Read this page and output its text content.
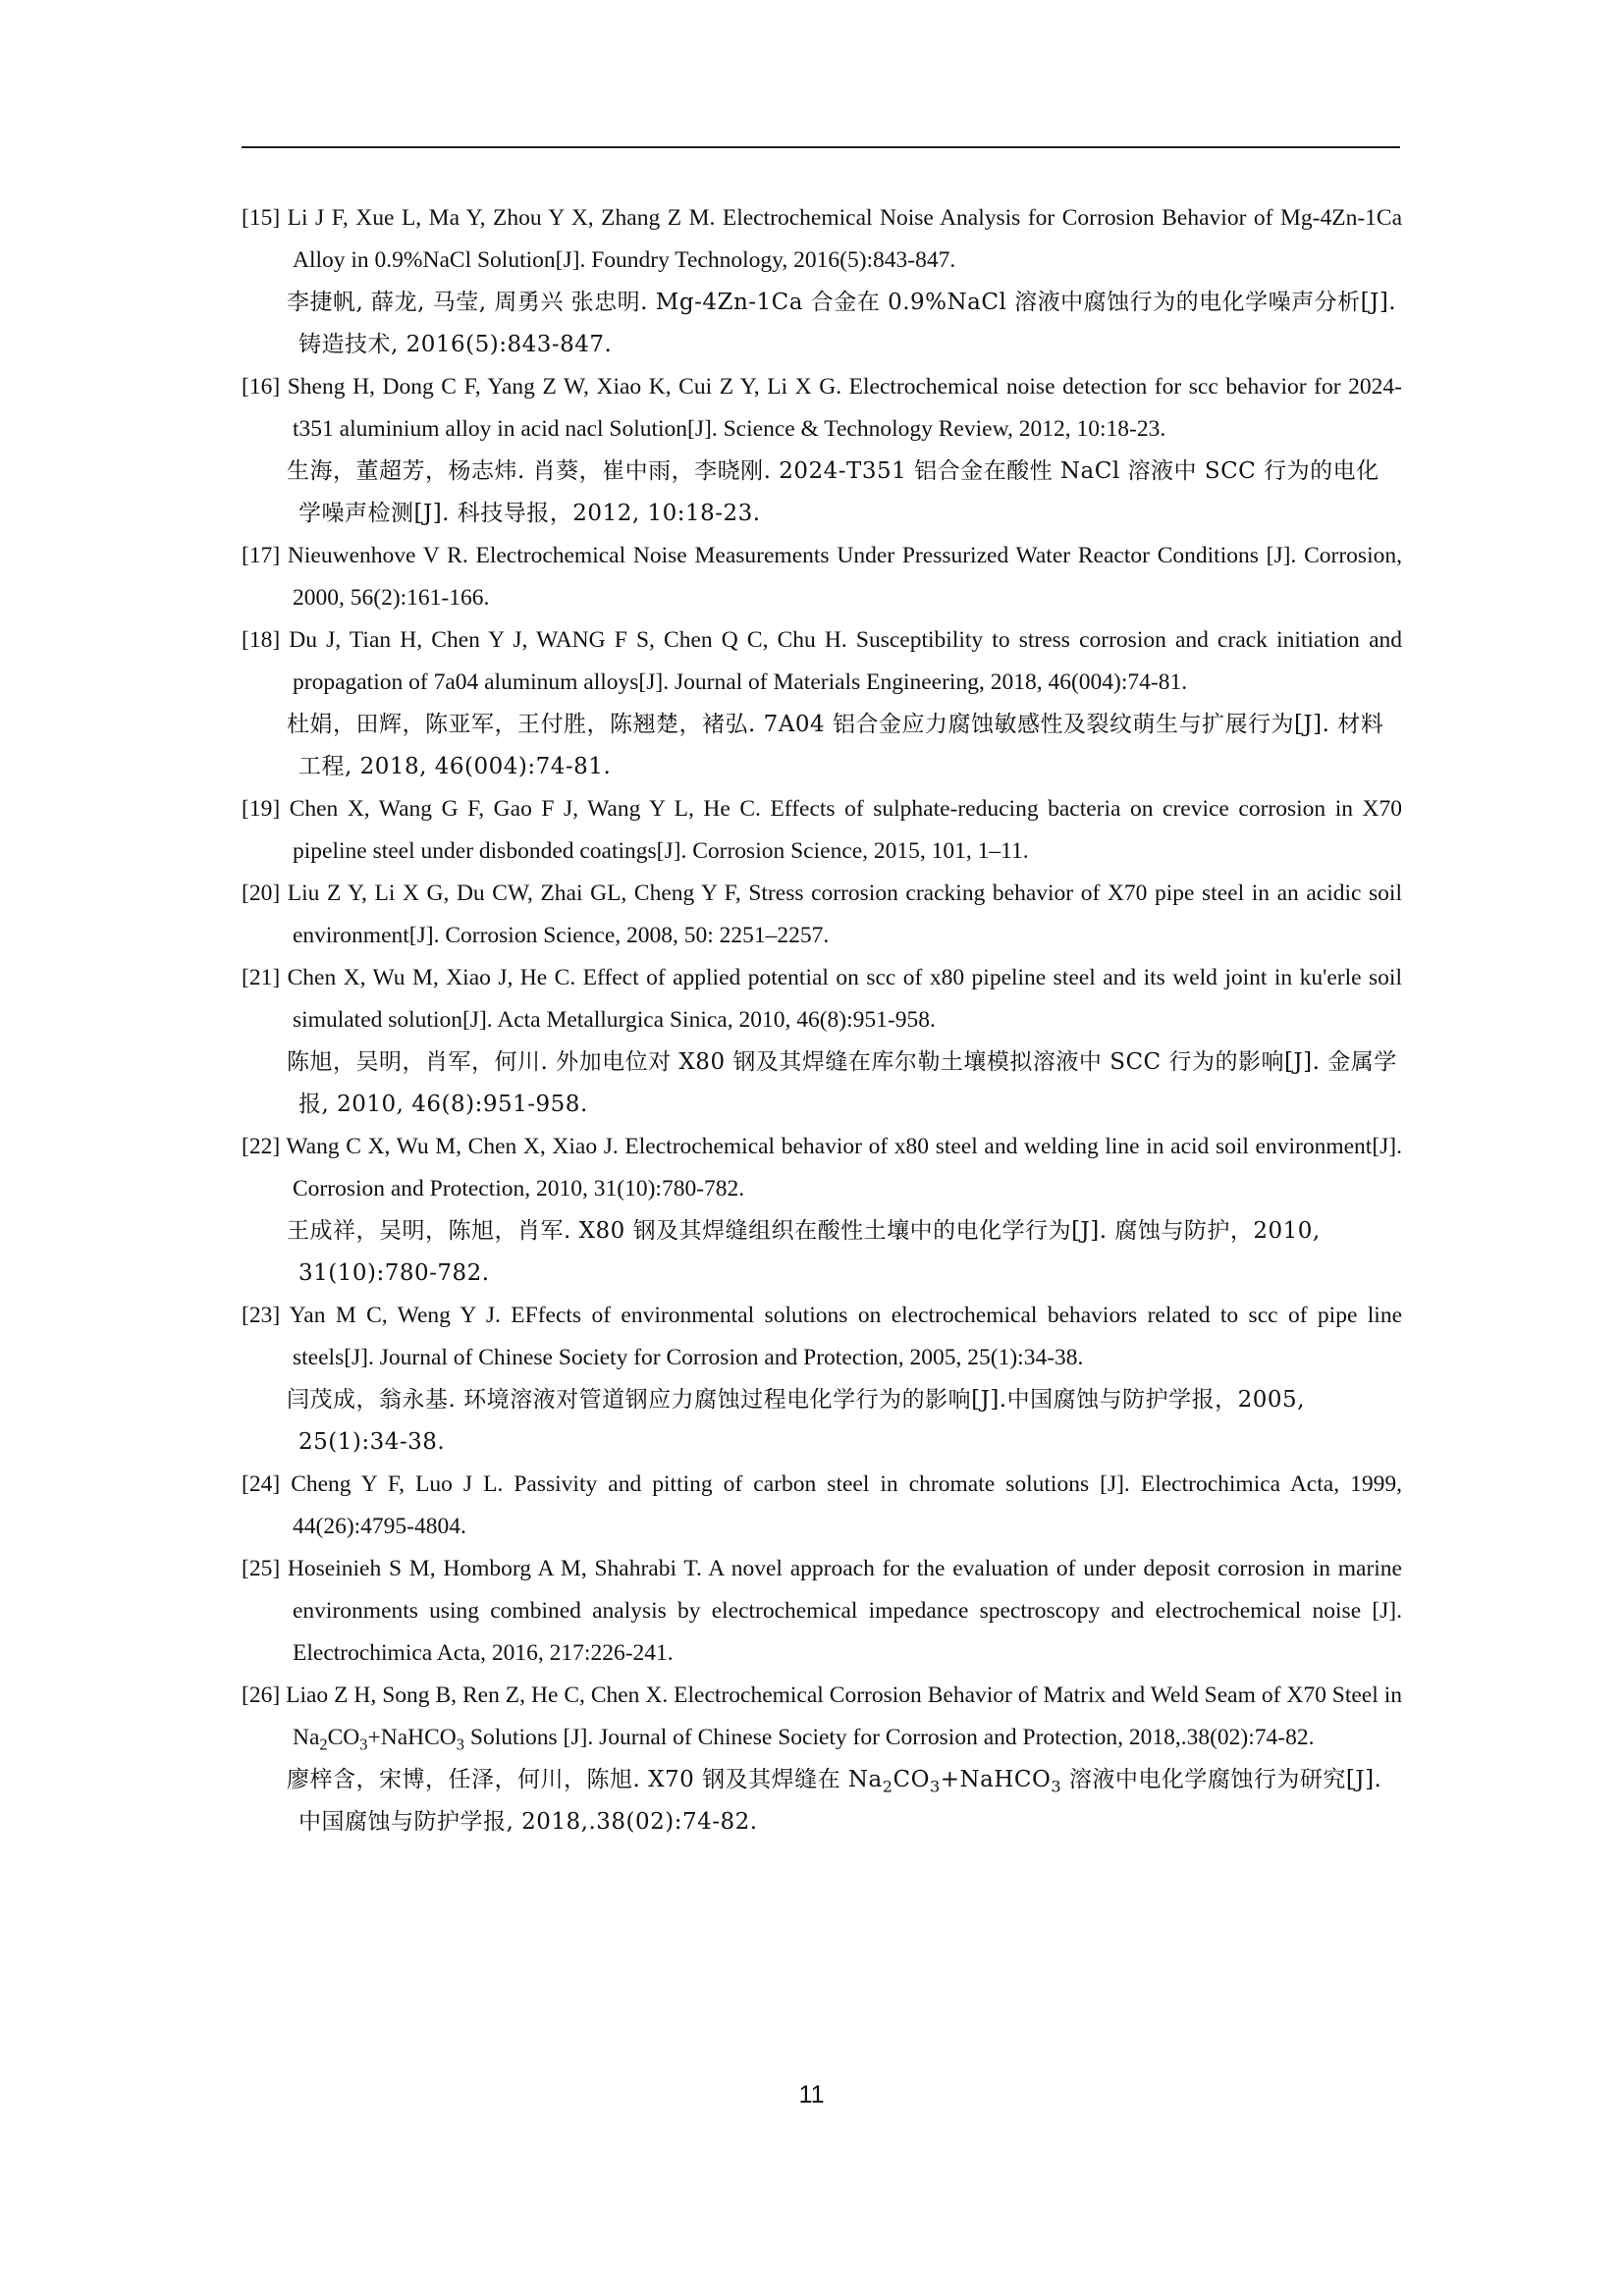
[15] Li J F, Xue L, Ma Y, Zhou Y X, Zhang Z M. Electrochemical Noise Analysis for Corrosion Behavior of Mg-4Zn-1Ca Alloy in 0.9%NaCl Solution[J]. Foundry Technology, 2016(5):843-847.
李捷帆, 薛龙, 马莹, 周勇兴 张忠明. Mg-4Zn-1Ca 合金在 0.9%NaCl 溶液中腐蚀行为的电化学噪声分析[J]. 铸造技术, 2016(5):843-847.
[16] Sheng H, Dong C F, Yang Z W, Xiao K, Cui Z Y, Li X G. Electrochemical noise detection for scc behavior for 2024-t351 aluminium alloy in acid nacl Solution[J]. Science & Technology Review, 2012, 10:18-23.
生海，董超芳，杨志炜. 肖葵，崔中雨，李晓刚. 2024-T351 铝合金在酸性 NaCl 溶液中 SCC 行为的电化学噪声检测[J]. 科技导报，2012, 10:18-23.
[17] Nieuwenhove V R. Electrochemical Noise Measurements Under Pressurized Water Reactor Conditions [J]. Corrosion, 2000, 56(2):161-166.
[18] Du J, Tian H, Chen Y J, WANG F S, Chen Q C, Chu H. Susceptibility to stress corrosion and crack initiation and propagation of 7a04 aluminum alloys[J]. Journal of Materials Engineering, 2018, 46(004):74-81.
杜娟，田辉，陈亚军，王付胜，陈翘楚，褚弘. 7A04 铝合金应力腐蚀敏感性及裂纹萌生与扩展行为[J]. 材料工程, 2018, 46(004):74-81.
[19] Chen X, Wang G F, Gao F J, Wang Y L, He C. Effects of sulphate-reducing bacteria on crevice corrosion in X70 pipeline steel under disbonded coatings[J]. Corrosion Science, 2015, 101, 1–11.
[20] Liu Z Y, Li X G, Du CW, Zhai GL, Cheng Y F, Stress corrosion cracking behavior of X70 pipe steel in an acidic soil environment[J]. Corrosion Science, 2008, 50: 2251–2257.
[21] Chen X, Wu M, Xiao J, He C. Effect of applied potential on scc of x80 pipeline steel and its weld joint in ku'erle soil simulated solution[J]. Acta Metallurgica Sinica, 2010, 46(8):951-958.
陈旭，吴明，肖军，何川. 外加电位对 X80 钢及其焊缝在库尔勒土壤模拟溶液中 SCC 行为的影响[J]. 金属学报, 2010, 46(8):951-958.
[22] Wang C X, Wu M, Chen X, Xiao J. Electrochemical behavior of x80 steel and welding line in acid soil environment[J]. Corrosion and Protection, 2010, 31(10):780-782.
王成祥，吴明，陈旭，肖军. X80 钢及其焊缝组织在酸性土壤中的电化学行为[J]. 腐蚀与防护，2010, 31(10):780-782.
[23] Yan M C, Weng Y J. EFfects of environmental solutions on electrochemical behaviors related to scc of pipe line steels[J]. Journal of Chinese Society for Corrosion and Protection, 2005, 25(1):34-38.
闫茂成，翁永基. 环境溶液对管道钢应力腐蚀过程电化学行为的影响[J].中国腐蚀与防护学报，2005, 25(1):34-38.
[24] Cheng Y F, Luo J L. Passivity and pitting of carbon steel in chromate solutions [J]. Electrochimica Acta, 1999, 44(26):4795-4804.
[25] Hoseinieh S M, Homborg A M, Shahrabi T. A novel approach for the evaluation of under deposit corrosion in marine environments using combined analysis by electrochemical impedance spectroscopy and electrochemical noise [J]. Electrochimica Acta, 2016, 217:226-241.
[26] Liao Z H, Song B, Ren Z, He C, Chen X. Electrochemical Corrosion Behavior of Matrix and Weld Seam of X70 Steel in $Na_2CO_3+NaHCO_3$ Solutions [J]. Journal of Chinese Society for Corrosion and Protection, 2018,.38(02):74-82.
廖梓含，宋博，任泽，何川，陈旭. X70 钢及其焊缝在 $Na_2CO_3+NaHCO_3$ 溶液中电化学腐蚀行为研究[J]. 中国腐蚀与防护学报, 2018,.38(02):74-82.
11
